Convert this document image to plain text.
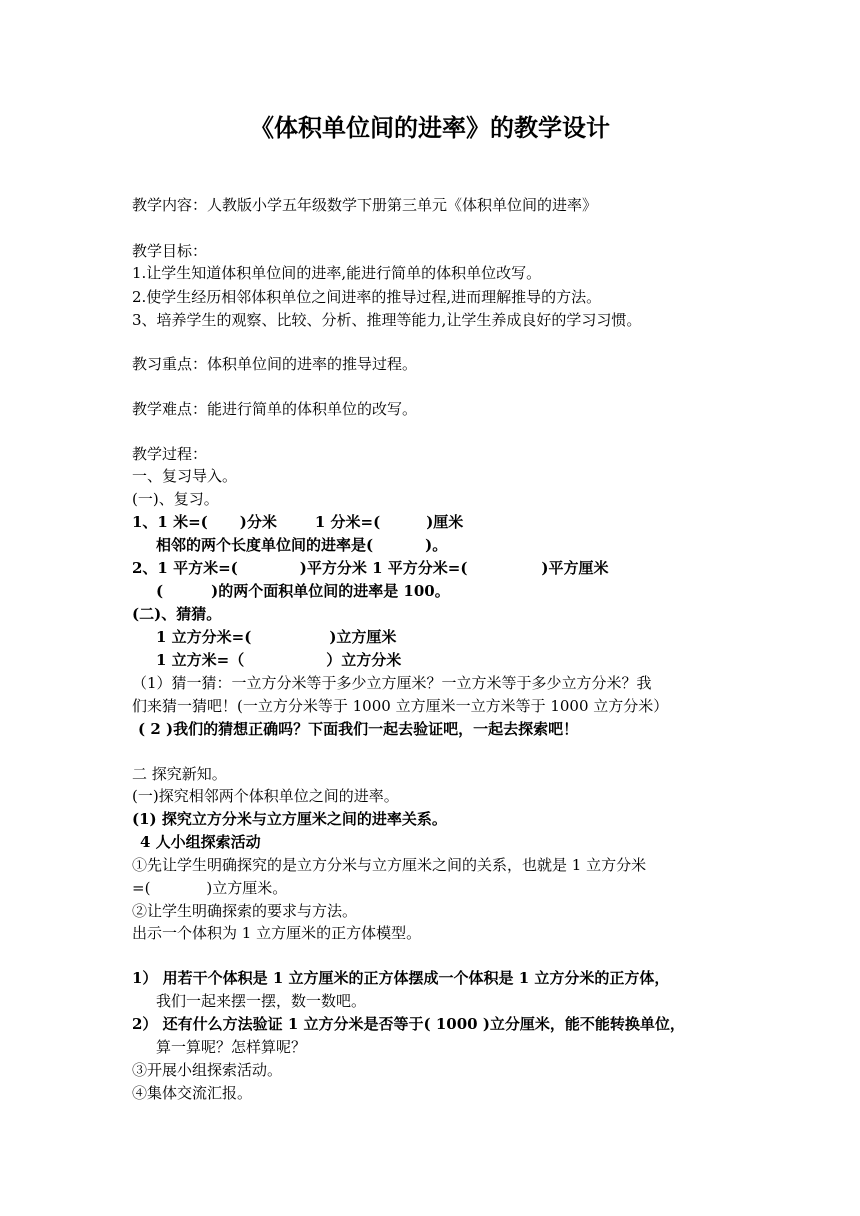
《体积单位间的进率》的教学设计
教学内容：人教版小学五年级数学下册第三单元《体积单位间的进率》
教学目标：
1.让学生知道体积单位间的进率,能进行简单的体积单位改写。
2.使学生经历相邻体积单位之间进率的推导过程,进而理解推导的方法。
3、培养学生的观察、比较、分析、推理等能力,让学生养成良好的学习习惯。
教习重点：体积单位间的进率的推导过程。
教学难点：能进行简单的体积单位的改写。
教学过程：
一、复习导入。
(一)、复习。
1、1 米=( )分米	1 分米=(	)厘米
相邻的两个长度单位间的进率是(	)。
2、1 平方米=(	)平方分米 1 平方分米=(	)平方厘米
(	)的两个面积单位间的进率是 100。
(二)、猜猜。
1 立方分米=(	)立方厘米
1 立方米=（	）立方分米
（1）猜一猜：一立方分米等于多少立方厘米？一立方米等于多少立方分米？我
们来猜一猜吧！(一立方分米等于 1000 立方厘米一立方米等于 1000 立方分米）
( 2 )我们的猜想正确吗？下面我们一起去验证吧，一起去探索吧！
二 探究新知。
(一)探究相邻两个体积单位之间的进率。
(1) 探究立方分米与立方厘米之间的进率关系。
4 人小组探索活动
①先让学生明确探究的是立方分米与立方厘米之间的关系，也就是 1 立方分米
=(	)立方厘米。
②让学生明确探索的要求与方法。
出示一个体积为 1 立方厘米的正方体模型。
1） 用若干个体积是 1 立方厘米的正方体摆成一个体积是 1 立方分米的正方体，
我们一起来摆一摆，数一数吧。
2） 还有什么方法验证 1 立方分米是否等于( 1000 )立分厘米，能不能转换单位，
算一算呢？怎样算呢？
③开展小组探索活动。
④集体交流汇报。
